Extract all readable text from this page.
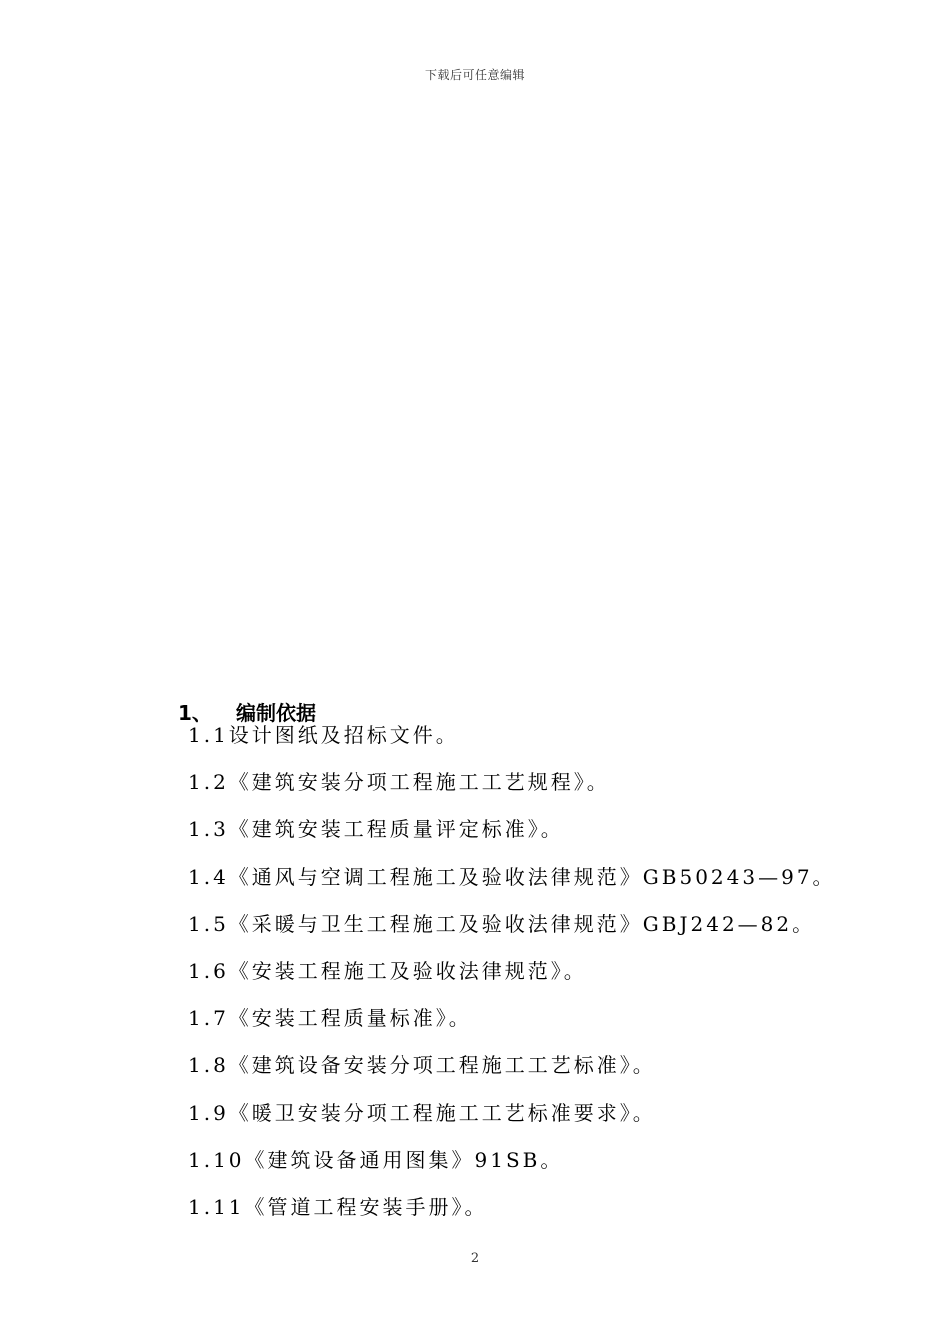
下载后可任意编辑
1、 编制依据
1.1设计图纸及招标文件。
1.2《建筑安装分项工程施工工艺规程》。
1.3《建筑安装工程质量评定标准》。
1.4《通风与空调工程施工及验收法律规范》GB50243—97。
1.5《采暖与卫生工程施工及验收法律规范》GBJ242—82。
1.6《安装工程施工及验收法律规范》。
1.7《安装工程质量标准》。
1.8《建筑设备安装分项工程施工工艺标准》。
1.9《暖卫安装分项工程施工工艺标准要求》。
1.10《建筑设备通用图集》91SB。
1.11《管道工程安装手册》。
2
